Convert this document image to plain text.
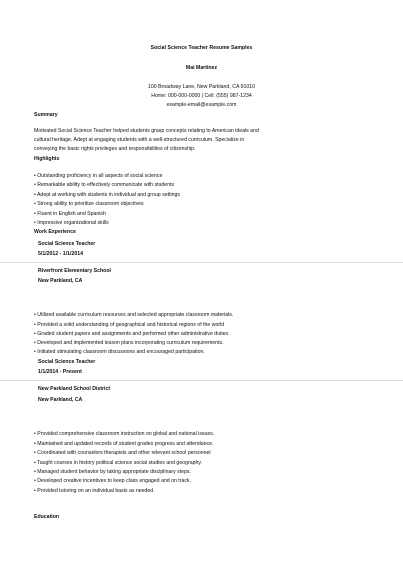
Social Science Teacher Resume Samples
Mai Martinez
100 Broadway Lane, New Parkland, CA 91010
Home: 000-000-0000 | Cell: (555) 987-1234
example-email@example.com
Summary
Motivated Social Science Teacher helped students grasp concepts relating to American ideals and
cultural heritage. Adept at engaging students with a well-structured curriculum. Specialize in
conveying the basic rights privileges and responsibilities of citizenship.
Highlights
• Outstanding proficiency in all aspects of social science
• Remarkable ability to effectively communicate with students
• Adept at working with students in individual and group settings
• Strong ability to prioritize classroom objectives
• Fluent in English and Spanish
• Impressive organizational skills
Work Experience
Social Science Teacher
5/1/2012 - 1/1/2014
Riverfront Elementary School
New Parkland, CA
• Utilized available curriculum resources and selected appropriate classroom materials.
• Provided a solid understanding of geographical and historical regions of the world
• Graded student papers and assignments and performed other administrative duties.
• Developed and implemented lesson plans incorporating curriculum requirements.
• Initiated stimulating classroom discussions and encouraged participation.
Social Science Teacher
1/1/2014 - Present
New Parkland School District
New Parkland, CA
• Provided comprehensive classroom instruction on global and national issues.
• Maintained and updated records of student grades progress and attendance.
• Coordinated with counselors therapists and other relevant school personnel
• Taught courses in history political science social studies and geography.
• Managed student behavior by taking appropriate disciplinary steps.
• Developed creative incentives to keep class engaged and on track.
• Provided tutoring on an individual basis as needed.
Education
